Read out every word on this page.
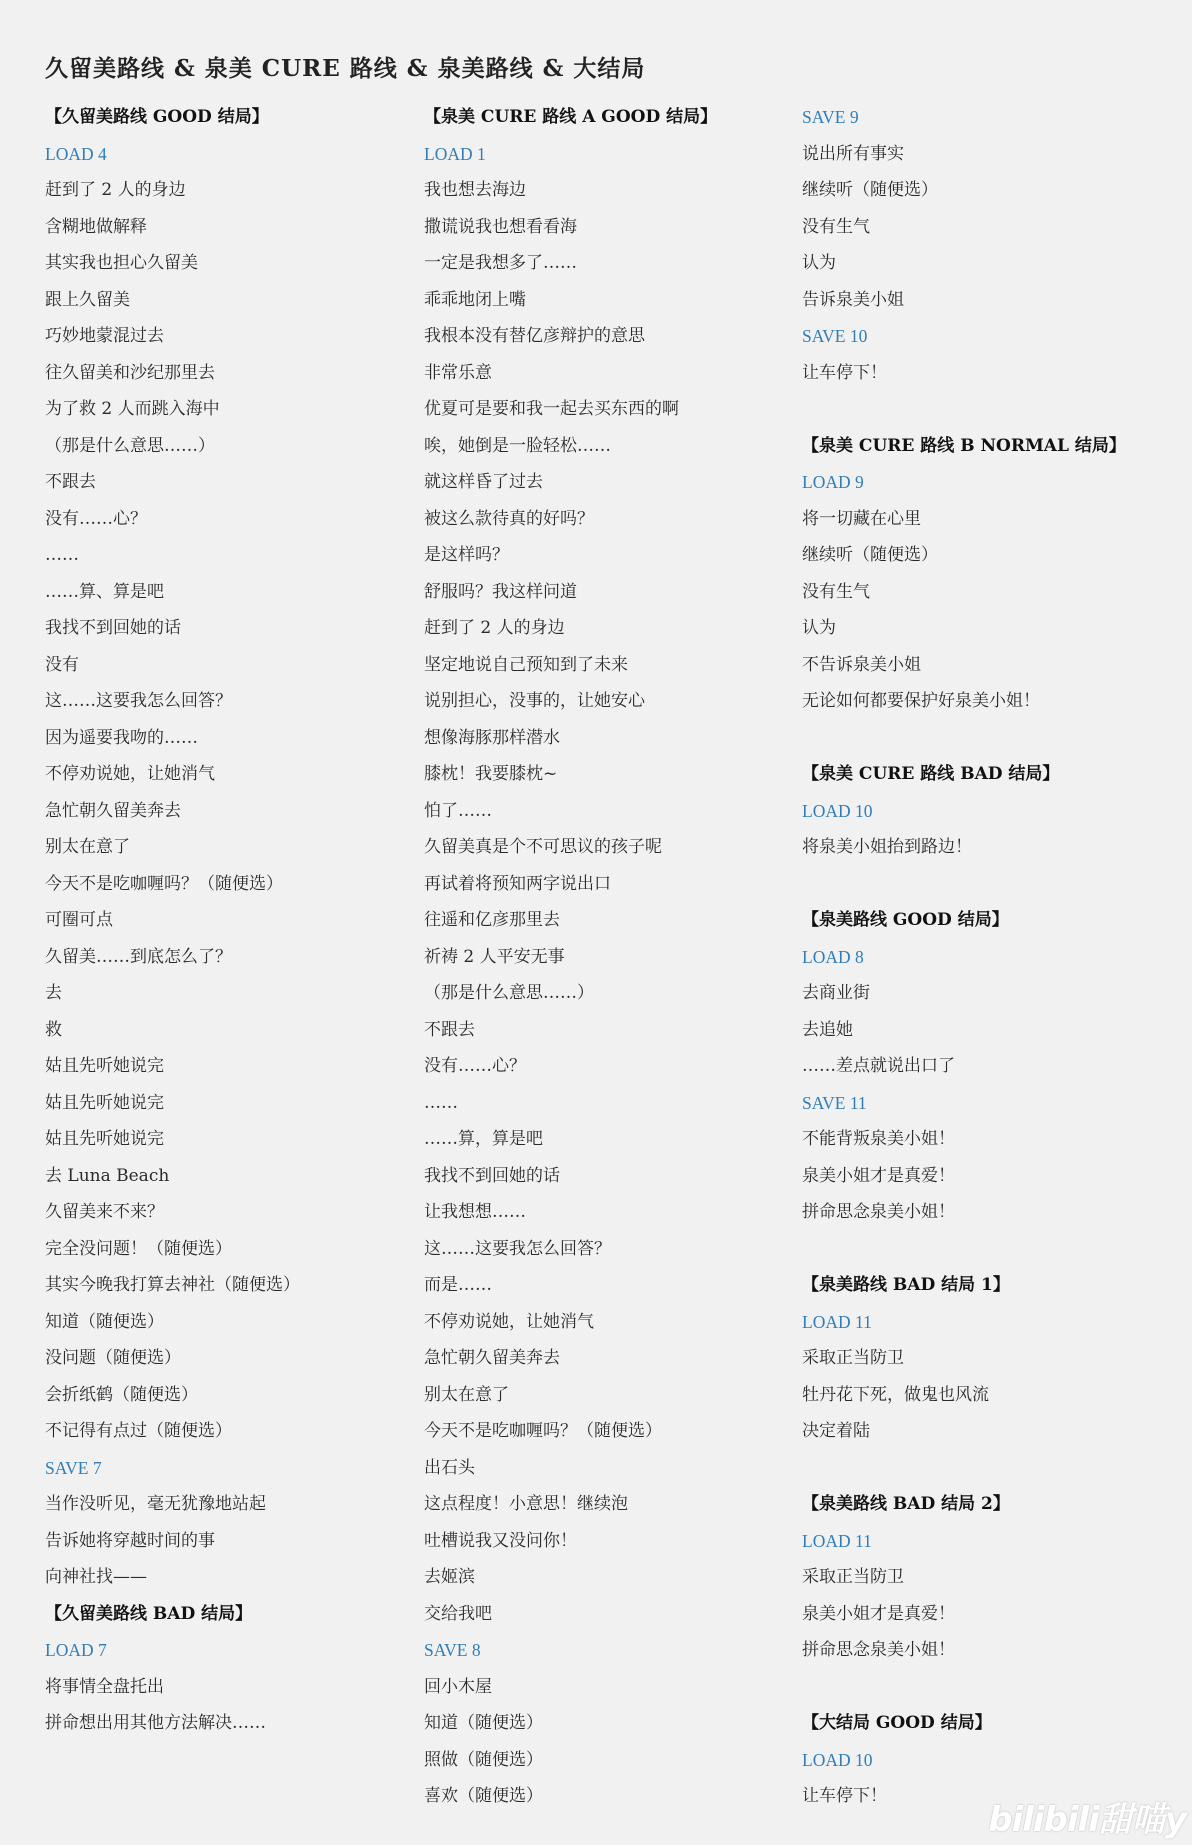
久留美路线 & 泉美 CURE 路线 & 泉美路线 & 大结局
【久留美路线 GOOD 结局】
LOAD 4
赶到了 2 人的身边
含糊地做解释
其实我也担心久留美
跟上久留美
巧妙地蒙混过去
往久留美和沙纪那里去
为了救 2 人而跳入海中
（那是什么意思……）
不跟去
没有……心？
……
……算、算是吧
我找不到回她的话
没有
这……这要我怎么回答？
因为遥要我吻的……
不停劝说她，让她消气
急忙朝久留美奔去
别太在意了
今天不是吃咖喱吗？（随便选）
可圈可点
久留美……到底怎么了？
去
救
姑且先听她说完
姑且先听她说完
姑且先听她说完
去 Luna Beach
久留美来不来？
完全没问题！（随便选）
其实今晚我打算去神社（随便选）
知道（随便选）
没问题（随便选）
会折纸鹤（随便选）
不记得有点过（随便选）
SAVE 7
当作没听见，毫无犹豫地站起
告诉她将穿越时间的事
向神社找——
【久留美路线 BAD 结局】
LOAD 7
将事情全盘托出
拼命想出用其他方法解决……
【泉美 CURE 路线 A GOOD 结局】
LOAD 1
我也想去海边
撒谎说我也想看看海
一定是我想多了……
乖乖地闭上嘴
我根本没有替亿彦辩护的意思
非常乐意
优夏可是要和我一起去买东西的啊
唉，她倒是一脸轻松……
就这样昏了过去
被这么款待真的好吗？
是这样吗？
舒服吗？我这样问道
赶到了 2 人的身边
坚定地说自己预知到了未来
说别担心，没事的，让她安心
想像海豚那样潜水
膝枕！我要膝枕~
怕了……
久留美真是个不可思议的孩子呢
再试着将预知两字说出口
往遥和亿彦那里去
祈祷 2 人平安无事
（那是什么意思……）
不跟去
没有……心？
……
……算，算是吧
我找不到回她的话
让我想想……
这……这要我怎么回答？
而是……
不停劝说她，让她消气
急忙朝久留美奔去
别太在意了
今天不是吃咖喱吗？（随便选）
出石头
这点程度！小意思！继续泡
吐槽说我又没问你！
去姬滨
交给我吧
SAVE 8
回小木屋
知道（随便选）
照做（随便选）
喜欢（随便选）
SAVE 9
说出所有事实
继续听（随便选）
没有生气
认为
告诉泉美小姐
SAVE 10
让车停下！
【泉美 CURE 路线 B NORMAL 结局】
LOAD 9
将一切藏在心里
继续听（随便选）
没有生气
认为
不告诉泉美小姐
无论如何都要保护好泉美小姐！
【泉美 CURE 路线 BAD 结局】
LOAD 10
将泉美小姐抬到路边！
【泉美路线 GOOD 结局】
LOAD 8
去商业街
去追她
……差点就说出口了
SAVE 11
不能背叛泉美小姐！
泉美小姐才是真爱！
拼命思念泉美小姐！
【泉美路线 BAD 结局 1】
LOAD 11
采取正当防卫
牡丹花下死，做鬼也风流
决定着陆
【泉美路线 BAD 结局 2】
LOAD 11
采取正当防卫
泉美小姐才是真爱！
拼命思念泉美小姐！
【大结局 GOOD 结局】
LOAD 10
让车停下！
bilibili甜喵y
